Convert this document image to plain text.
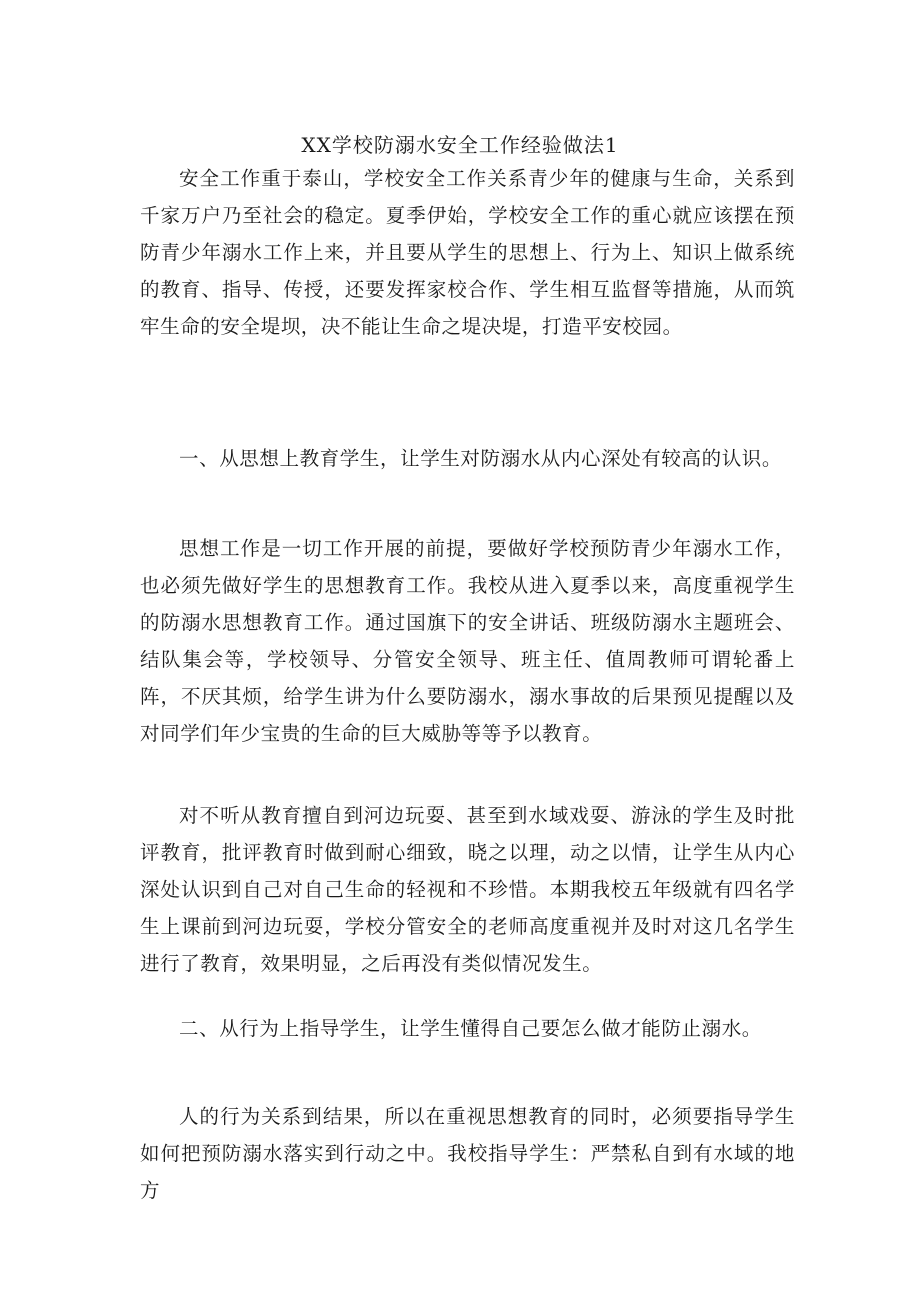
XX学校防溺水安全工作经验做法1

安全工作重于泰山，学校安全工作关系青少年的健康与生命，关系到千家万户乃至社会的稳定。夏季伊始，学校安全工作的重心就应该摆在预防青少年溺水工作上来，并且要从学生的思想上、行为上、知识上做系统的教育、指导、传授，还要发挥家校合作、学生相互监督等措施，从而筑牢生命的安全堤坝，决不能让生命之堤决堤，打造平安校园。

一、从思想上教育学生，让学生对防溺水从内心深处有较高的认识。

思想工作是一切工作开展的前提，要做好学校预防青少年溺水工作，也必须先做好学生的思想教育工作。我校从进入夏季以来，高度重视学生的防溺水思想教育工作。通过国旗下的安全讲话、班级防溺水主题班会、结队集会等，学校领导、分管安全领导、班主任、值周教师可谓轮番上阵，不厌其烦，给学生讲为什么要防溺水，溺水事故的后果预见提醒以及对同学们年少宝贵的生命的巨大威胁等等予以教育。

对不听从教育擅自到河边玩耍、甚至到水域戏耍、游泳的学生及时批评教育，批评教育时做到耐心细致，晓之以理，动之以情，让学生从内心深处认识到自己对自己生命的轻视和不珍惜。本期我校五年级就有四名学生上课前到河边玩耍，学校分管安全的老师高度重视并及时对这几名学生进行了教育，效果明显，之后再没有类似情况发生。

二、从行为上指导学生，让学生懂得自己要怎么做才能防止溺水。

人的行为关系到结果，所以在重视思想教育的同时，必须要指导学生如何把预防溺水落实到行动之中。我校指导学生：严禁私自到有水域的地方
